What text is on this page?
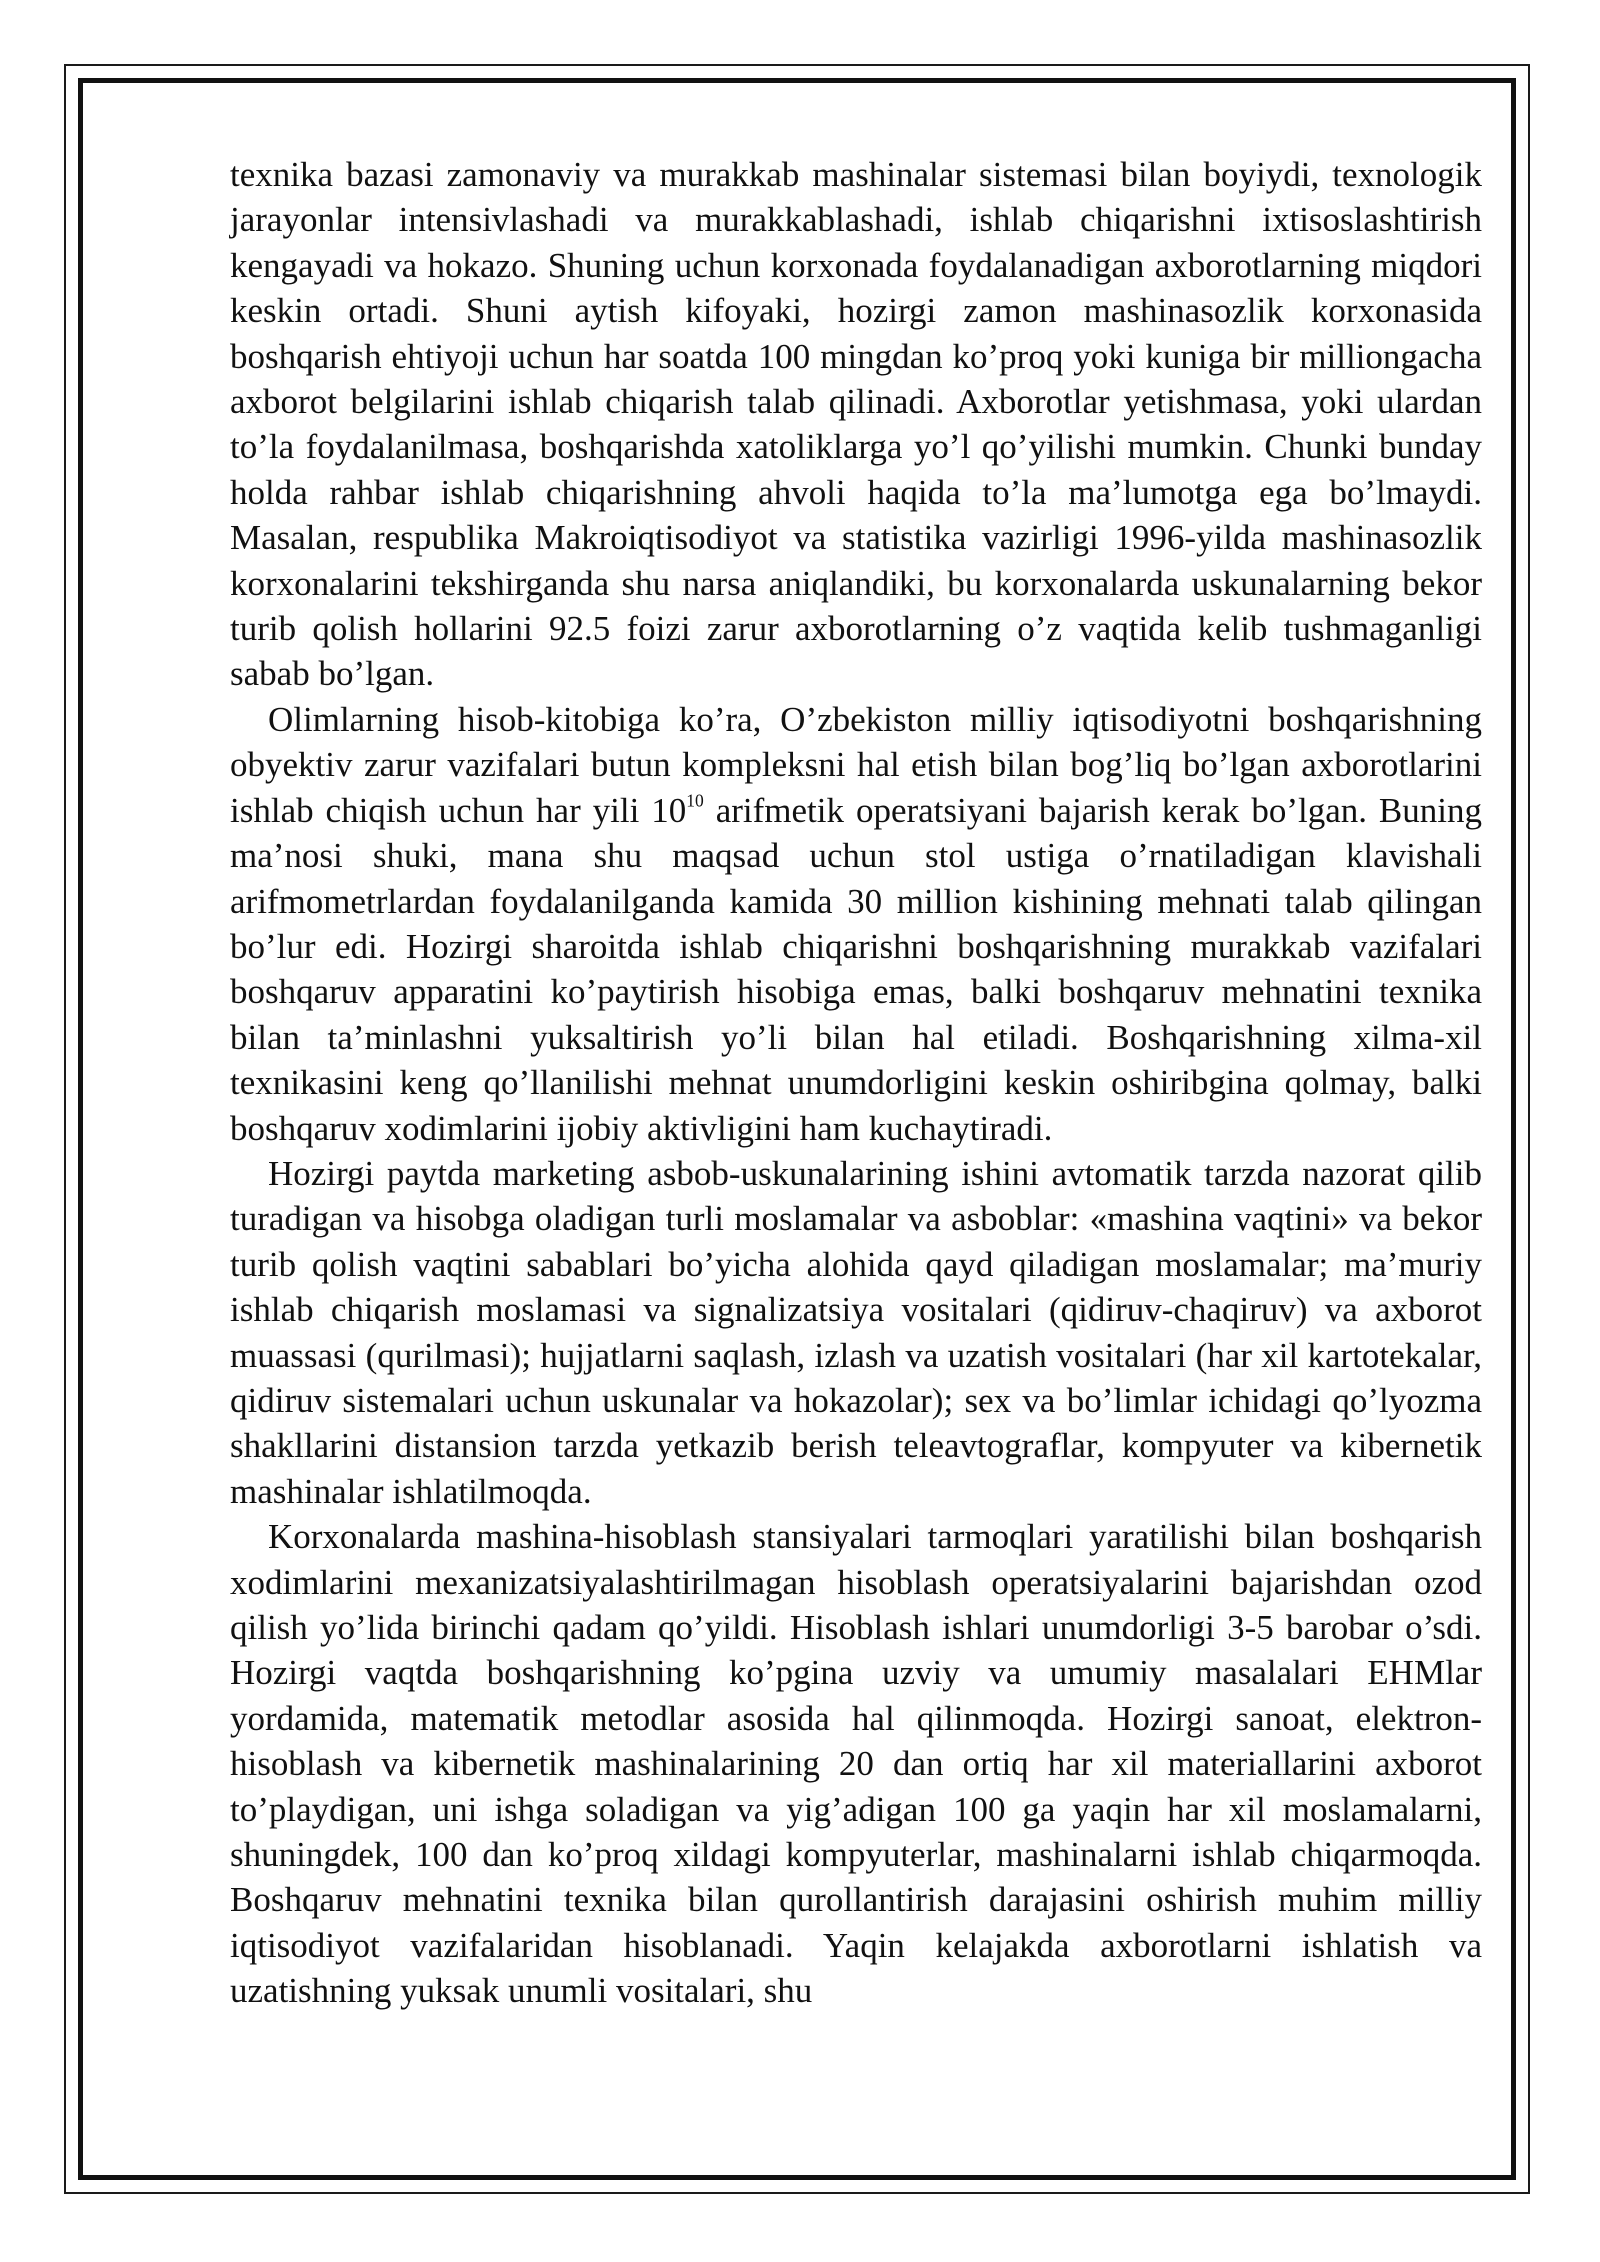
texnika bazasi zamonaviy va murakkab mashinalar sistemasi bilan boyiydi, texnologik jarayonlar intensivlashadi va murakkablashadi, ishlab chiqarishni ixtisoslashtirish kengayadi va hokazo. Shuning uchun korxonada foydalanadigan axborotlarning miqdori keskin ortadi. Shuni aytish kifoyaki, hozirgi zamon mashinasozlik korxonasida boshqarish ehtiyoji uchun har soatda 100 mingdan ko’proq yoki kuniga bir milliongacha axborot belgilarini ishlab chiqarish talab qilinadi. Axborotlar yetishmasa, yoki ulardan to’la foydalanilmasa, boshqarishda xatoliklarga yo’l qo’yilishi mumkin. Chunki bunday holda rahbar ishlab chiqarishning ahvoli haqida to’la ma’lumotga ega bo’lmaydi. Masalan, respublika Makroiqtisodiyot va statistika vazirligi 1996-yilda mashinasozlik korxonalarini tekshirganda shu narsa aniqlandiki, bu korxonalarda uskunalarning bekor turib qolish hollarini 92.5 foizi zarur axborotlarning o’z vaqtida kelib tushmaganligi sabab bo’lgan.

Olimlarning hisob-kitobiga ko’ra, O’zbekiston milliy iqtisodiyotni boshqarishning obyektiv zarur vazifalari butun kompleksni hal etish bilan bog’liq bo’lgan axborotlarini ishlab chiqish uchun har yili $10^{10}$ arifmetik operatsiyani bajarish kerak bo’lgan. Buning ma’nosi shuki, mana shu maqsad uchun stol ustiga o’rnatiladigan klavishali arifmometrlardan foydalanilganda kamida 30 million kishining mehnati talab qilingan bo’lur edi. Hozirgi sharoitda ishlab chiqarishni boshqarishning murakkab vazifalari boshqaruv apparatini ko’paytirish hisobiga emas, balki boshqaruv mehnatini texnika bilan ta’minlashni yuksaltirish yo’li bilan hal etiladi. Boshqarishning xilma-xil texnikasini keng qo’llanilishi mehnat unumdorligini keskin oshiribgina qolmay, balki boshqaruv xodimlarini ijobiy aktivligini ham kuchaytiradi.

Hozirgi paytda marketing asbob-uskunalarining ishini avtomatik tarzda nazorat qilib turadigan va hisobga oladigan turli moslamalar va asboblar: «mashina vaqtini» va bekor turib qolish vaqtini sabablari bo’yicha alohida qayd qiladigan moslamalar; ma’muriy ishlab chiqarish moslamasi va signalizatsiya vositalari (qidiruv-chaqiruv) va axborot muassasi (qurilmasi); hujjatlarni saqlash, izlash va uzatish vositalari (har xil kartotekalar, qidiruv sistemalari uchun uskunalar va hokazolar); sex va bo’limlar ichidagi qo’lyozma shakllarini distansion tarzda yetkazib berish teleavtograflar, kompyuter va kibernetik mashinalar ishlatilmoqda.

Korxonalarda mashina-hisoblash stansiyalari tarmoqlari yaratilishi bilan boshqarish xodimlarini mexanizatsiyalashtirilmagan hisoblash operatsiyalarini bajarishdan ozod qilish yo’lida birinchi qadam qo’yildi. Hisoblash ishlari unumdorligi 3-5 barobar o’sdi. Hozirgi vaqtda boshqarishning ko’pgina uzviy va umumiy masalalari EHMlar yordamida, matematik metodlar asosida hal qilinmoqda. Hozirgi sanoat, elektron-hisoblash va kibernetik mashinalarining 20 dan ortiq har xil materiallarini axborot to’playdigan, uni ishga soladigan va yig’adigan 100 ga yaqin har xil moslamalarni, shuningdek, 100 dan ko’proq xildagi kompyuterlar, mashinalarni ishlab chiqarmoqda. Boshqaruv mehnatini texnika bilan qurollantirish darajasini oshirish muhim milliy iqtisodiyot vazifalaridan hisoblanadi. Yaqin kelajakda axborotlarni ishlatish va uzatishning yuksak unumli vositalari, shu
